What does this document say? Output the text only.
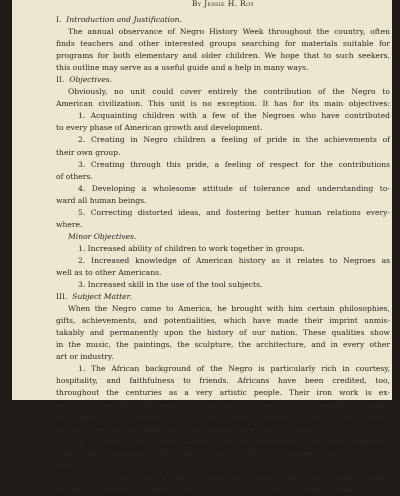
By Jessie H. Roy
I. Introduction and Justification.
The annual observance of Negro History Week throughout the country, often
finds teachers and other interested groups searching for materials suitable for
programs for both elementary and older children. We hope that to such seekers,
this outline may serve as a useful guide and a help in many ways.
II. Objectives.
Obviously, no unit could cover entirely the contribution of the Negro to
American civilization. This unit is no exception. It has for its main objectives:
1. Acquainting children with a few of the Negroes who have contributed
to every phase of American growth and development.
2. Creating in Negro children a feeling of pride in the achievements of
their own group.
3. Creating through this pride, a feeling of respect for the contributions
of others.
4. Developing a wholesome attitude of tolerance and understanding to-
ward all human beings.
5. Correcting distorted ideas, and fostering better human relations every-
where.
Minor Objectives.
1. Increased ability of children to work together in groups.
2. Increased knowledge of American history as it relates to Negroes as
well as to other Americans.
3. Increased skill in the use of the tool subjects.
III. Subject Matter.
When the Negro came to America, he brought with him certain philosophies,
gifts, achievements, and potentialities, which have made their imprint unmis-
takably and permanently upon the history of our nation. These qualities show
in the music, the paintings, the sculpture, the architecture, and in every other
art or industry.
1. The African background of the Negro is particularly rich in courtesy,
hospitality, and faithfulness to friends. Africans have been credited, too,
throughout the centuries as a very artistic people. Their iron work is ex-
pecially noteworthy. Evidences of this are still seen in the beautiful wrought
iron gates in Charleston, S. C. and other Southern cities. Their pottery,
carving, weaving, and their music and dancing, are also well known.
2. Notable, too, among Africans of all generations are their organized
family and community life; their orderly tribal government, and their folk-
lore.
In spite of the Negro's place in American history, the history books studied
by most American children have left this place almost totally blank. This is
